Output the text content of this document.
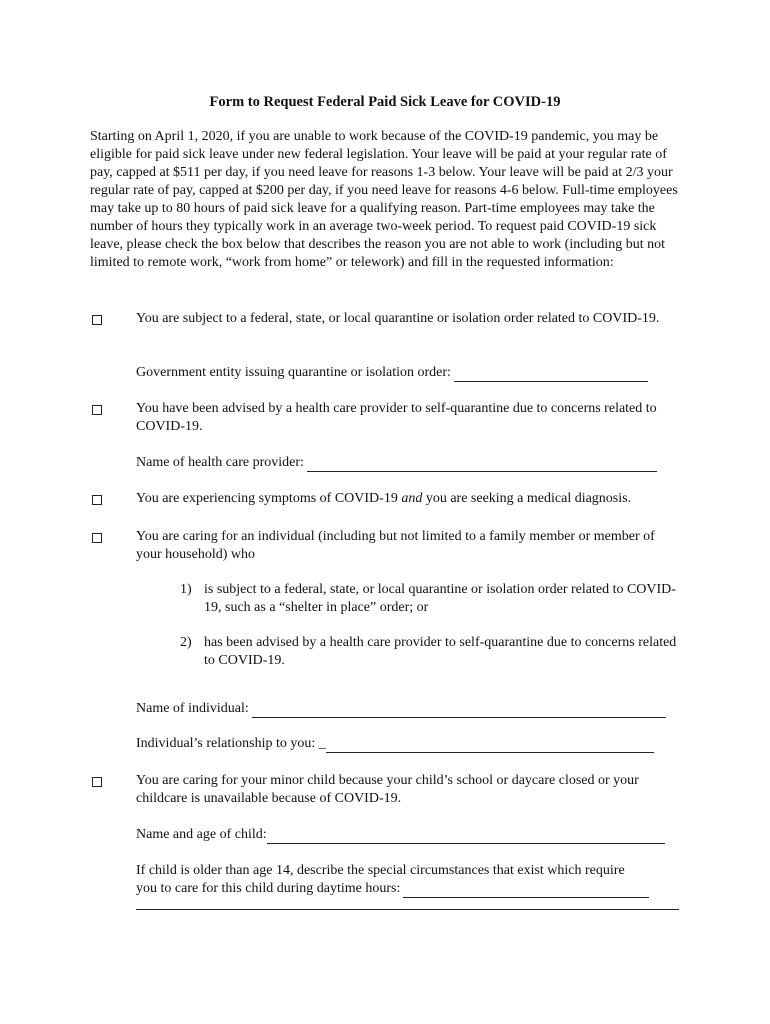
Form to Request Federal Paid Sick Leave for COVID-19
Starting on April 1, 2020, if you are unable to work because of the COVID-19 pandemic, you may be eligible for paid sick leave under new federal legislation. Your leave will be paid at your regular rate of pay, capped at $511 per day, if you need leave for reasons 1-3 below. Your leave will be paid at 2/3 your regular rate of pay, capped at $200 per day, if you need leave for reasons 4-6 below. Full-time employees may take up to 80 hours of paid sick leave for a qualifying reason. Part-time employees may take the number of hours they typically work in an average two-week period. To request paid COVID-19 sick leave, please check the box below that describes the reason you are not able to work (including but not limited to remote work, “work from home” or telework) and fill in the requested information:
You are subject to a federal, state, or local quarantine or isolation order related to COVID-19.
Government entity issuing quarantine or isolation order:
You have been advised by a health care provider to self-quarantine due to concerns related to COVID-19.
Name of health care provider:
You are experiencing symptoms of COVID-19 and you are seeking a medical diagnosis.
You are caring for an individual (including but not limited to a family member or member of your household) who
1) is subject to a federal, state, or local quarantine or isolation order related to COVID-19, such as a “shelter in place” order; or
2) has been advised by a health care provider to self-quarantine due to concerns related to COVID-19.
Name of individual:
Individual’s relationship to you: _
You are caring for your minor child because your child’s school or daycare closed or your childcare is unavailable because of COVID-19.
Name and age of child:
If child is older than age 14, describe the special circumstances that exist which require
you to care for this child during daytime hours:
